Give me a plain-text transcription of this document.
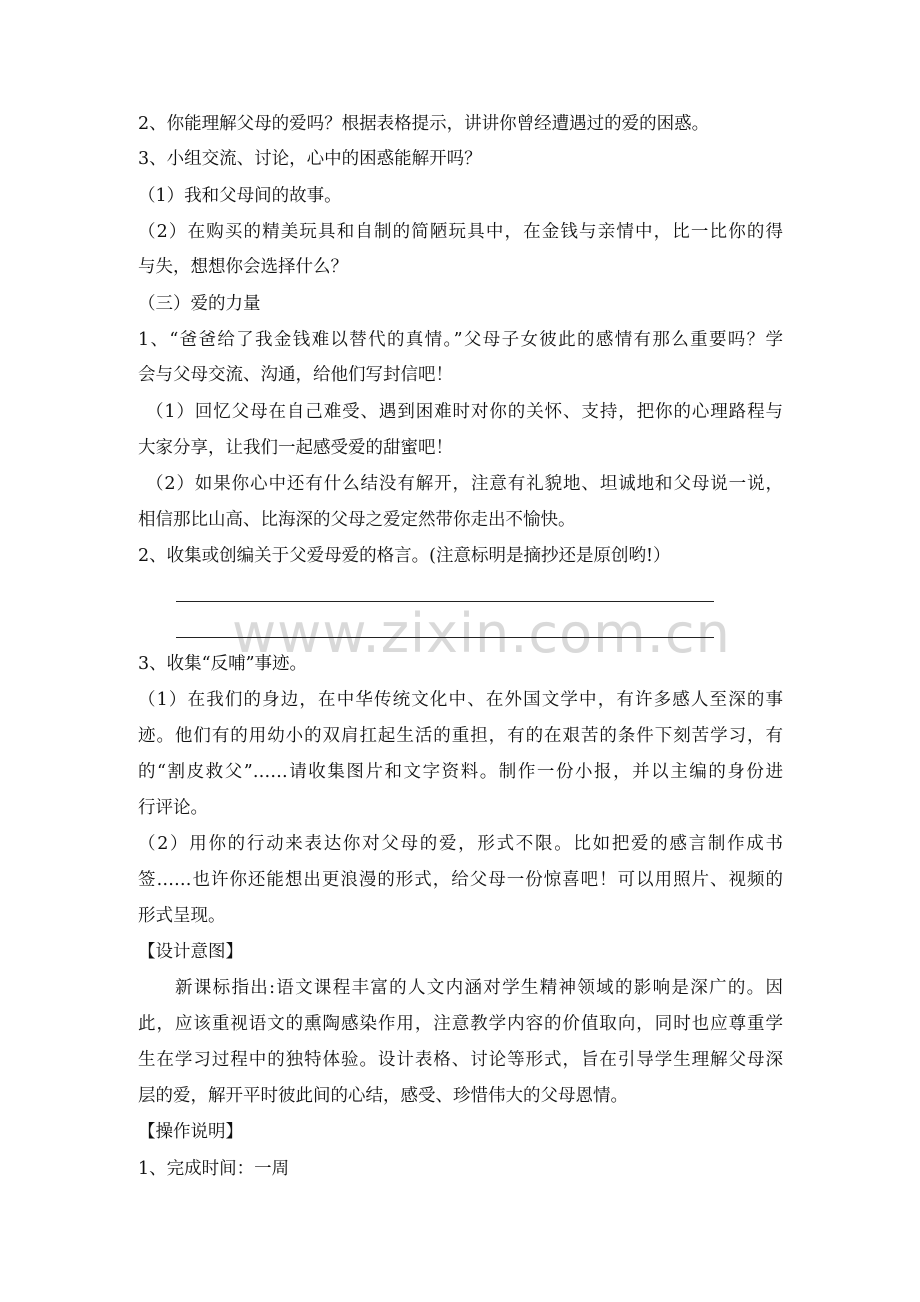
2、你能理解父母的爱吗？根据表格提示，讲讲你曾经遭遇过的爱的困惑。
3、小组交流、讨论，心中的困惑能解开吗？
（1）我和父母间的故事。
（2）在购买的精美玩具和自制的简陋玩具中，在金钱与亲情中，比一比你的得
与失，想想你会选择什么？
（三）爱的力量
1、“爸爸给了我金钱难以替代的真情。”父母子女彼此的感情有那么重要吗？学
会与父母交流、沟通，给他们写封信吧！
（1）回忆父母在自己难受、遇到困难时对你的关怀、支持，把你的心理路程与
大家分享，让我们一起感受爱的甜蜜吧！
（2）如果你心中还有什么结没有解开，注意有礼貌地、坦诚地和父母说一说，
相信那比山高、比海深的父母之爱定然带你走出不愉快。
2、收集或创编关于父爱母爱的格言。(注意标明是摘抄还是原创哟!）
www.zixin.com.cn
3、收集“反哺”事迹。
（1）在我们的身边，在中华传统文化中、在外国文学中，有许多感人至深的事
迹。他们有的用幼小的双肩扛起生活的重担，有的在艰苦的条件下刻苦学习，有
的“割皮救父”……请收集图片和文字资料。制作一份小报，并以主编的身份进
行评论。
（2）用你的行动来表达你对父母的爱，形式不限。比如把爱的感言制作成书
签……也许你还能想出更浪漫的形式，给父母一份惊喜吧！可以用照片、视频的
形式呈现。
【设计意图】
新课标指出:语文课程丰富的人文内涵对学生精神领域的影响是深广的。因
此，应该重视语文的熏陶感染作用，注意教学内容的价值取向，同时也应尊重学
生在学习过程中的独特体验。设计表格、讨论等形式，旨在引导学生理解父母深
层的爱，解开平时彼此间的心结，感受、珍惜伟大的父母恩情。
【操作说明】
1、完成时间：一周
